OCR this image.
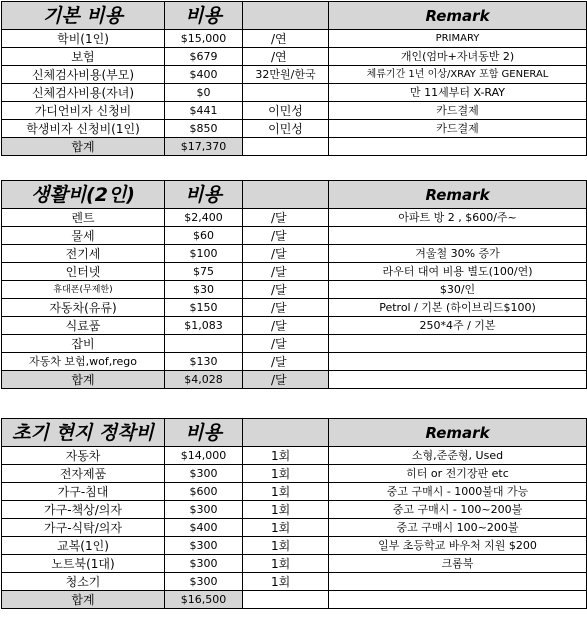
기본 비용	비용		Remark
학비(1인)	$15,000	/연	PRIMARY
보험	$679	/연	개인(엄마+자녀동반 2)
신체검사비용(부모)	$400	32만원/한국	체류기간 1년 이상/XRAY 포함 GENERAL
신체검사비용(자녀)	$0		만 11세부터 X-RAY
가디언비자 신청비	$441	이민성	카드결제
학생비자 신청비(1인)	$850	이민성	카드결제
합계	$17,370		
생활비(2인)	비용		Remark
렌트	$2,400	/달	아파트 방 2 , $600/주~
물세	$60	/달	
전기세	$100	/달	겨울철 30% 증가
인터넷	$75	/달	라우터 대여 비용 별도(100/연)
휴대폰(무제한)	$30	/달	$30/인
자동차(유류)	$150	/달	Petrol / 기본 (하이브리드$100)
식료품	$1,083	/달	250*4주 / 기본
잡비		/달	
자동차 보험,wof,rego	$130	/달	
합계	$4,028	/달	
초기 현지 정착비	비용		Remark
자동차	$14,000	1회	소형,준준형, Used
전자제품	$300	1회	히터 or 전기장판 etc
가구-침대	$600	1회	중고 구매시 - 1000불대 가능
가구-책상/의자	$300	1회	중고 구매시 - 100~200불
가구-식탁/의자	$400	1회	중고 구매시 100~200불
교복(1인)	$300	1회	일부 초등학교 바우처 지원 $200
노트북(1대)	$300	1회	크롬북
청소기	$300	1회	
합계	$16,500		
